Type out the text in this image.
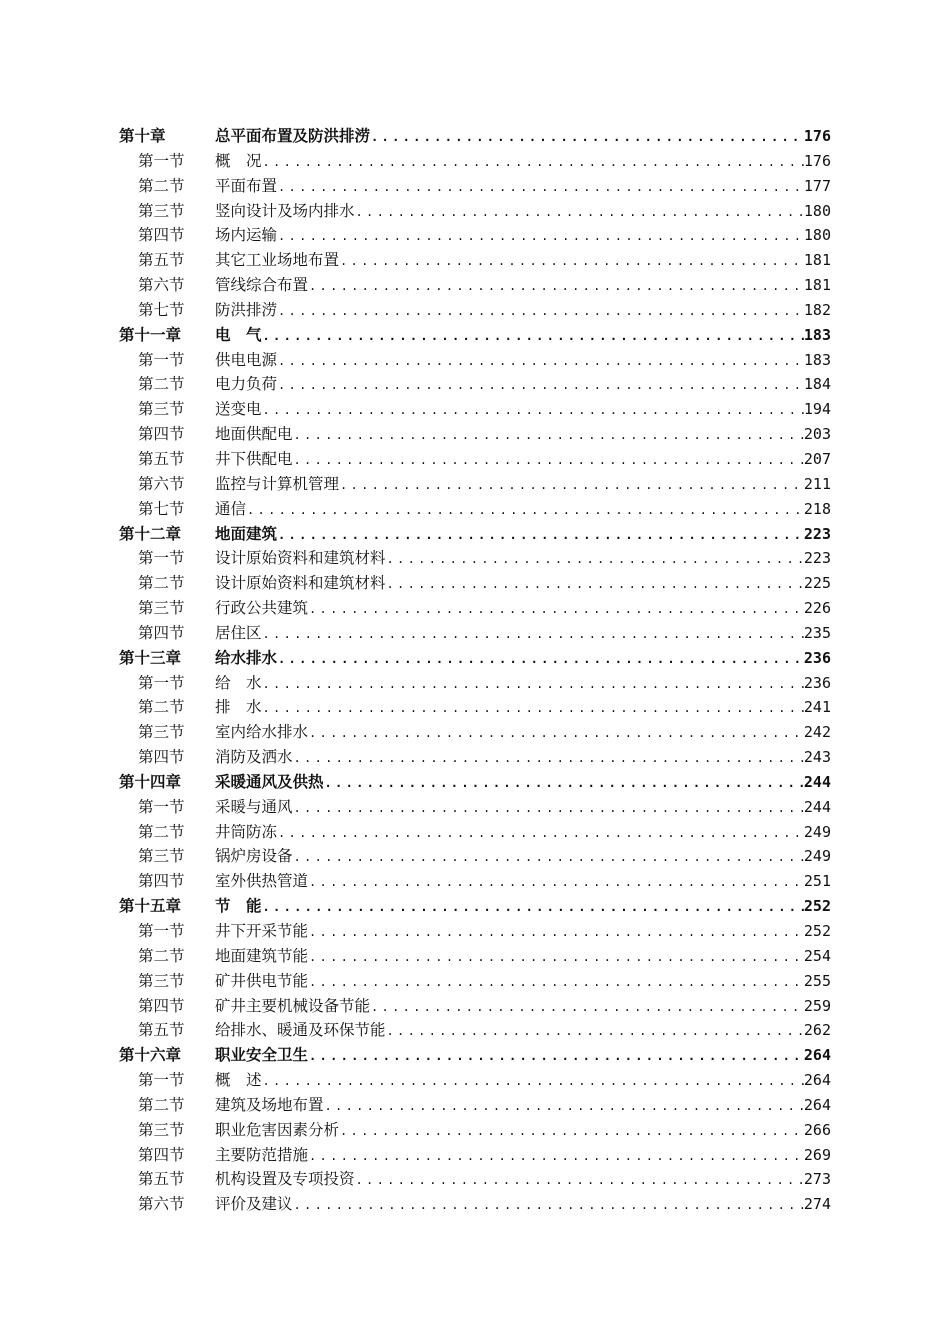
第十章	总平面布置及防洪排涝 .....	176
第一节	概　况 .....	176
第二节	平面布置 .....	177
第三节	竖向设计及场内排水 .....	180
第四节	场内运输 .....	180
第五节	其它工业场地布置 .....	181
第六节	管线综合布置 .....	181
第七节	防洪排涝 .....	182
第十一章	电　气 .....	183
第一节	供电电源 .....	183
第二节	电力负荷 .....	184
第三节	送变电 .....	194
第四节	地面供配电 .....	203
第五节	井下供配电 .....	207
第六节	监控与计算机管理 .....	211
第七节	通信 .....	218
第十二章	地面建筑 .....	223
第一节	设计原始资料和建筑材料 .....	223
第二节	设计原始资料和建筑材料 .....	225
第三节	行政公共建筑 .....	226
第四节	居住区 .....	235
第十三章	给水排水 .....	236
第一节	给　水 .....	236
第二节	排　水 .....	241
第三节	室内给水排水 .....	242
第四节	消防及洒水 .....	243
第十四章	采暖通风及供热 .....	244
第一节	采暖与通风 .....	244
第二节	井筒防冻 .....	249
第三节	锅炉房设备 .....	249
第四节	室外供热管道 .....	251
第十五章	节　能 .....	252
第一节	井下开采节能 .....	252
第二节	地面建筑节能 .....	254
第三节	矿井供电节能 .....	255
第四节	矿井主要机械设备节能 .....	259
第五节	给排水、暖通及环保节能 .....	262
第十六章	职业安全卫生 .....	264
第一节	概　述 .....	264
第二节	建筑及场地布置 .....	264
第三节	职业危害因素分析 .....	266
第四节	主要防范措施 .....	269
第五节	机构设置及专项投资 .....	273
第六节	评价及建议 .....	274
